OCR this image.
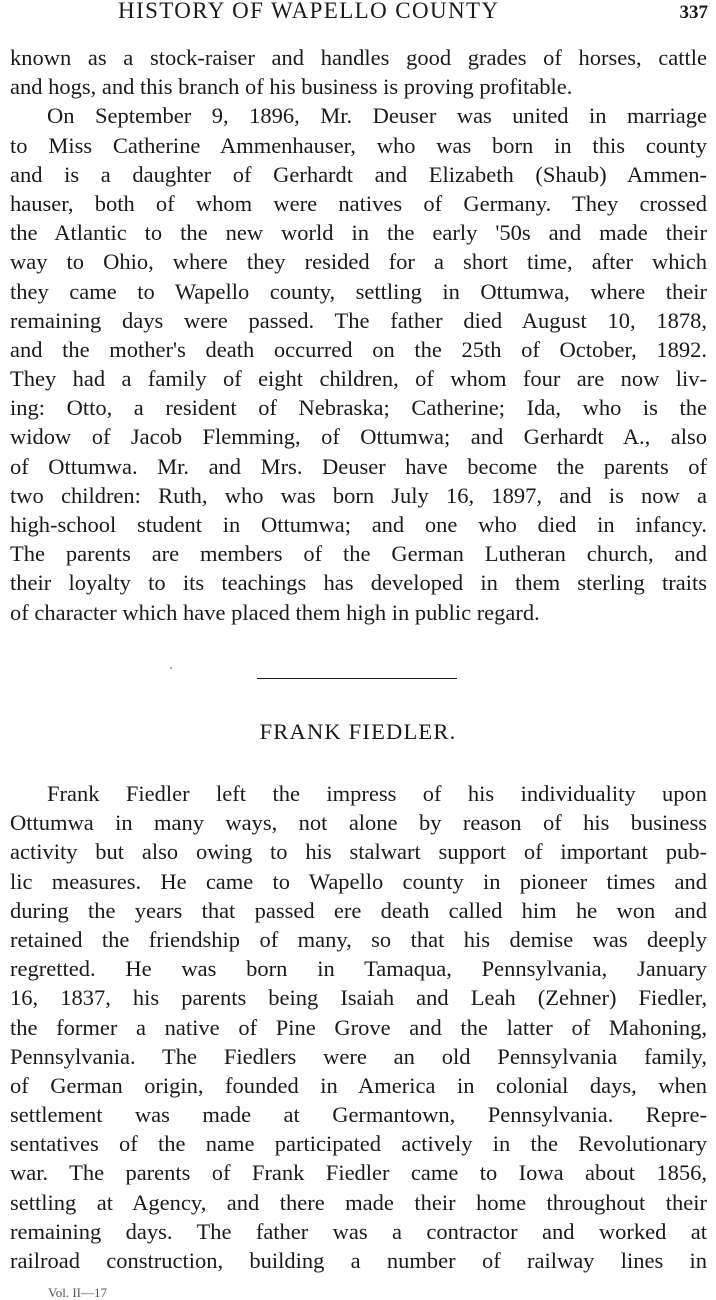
HISTORY OF WAPELLO COUNTY	337
known as a stock-raiser and handles good grades of horses, cattle
and hogs, and this branch of his business is proving profitable.
On September 9, 1896, Mr. Deuser was united in marriage
to Miss Catherine Ammenhauser, who was born in this county
and is a daughter of Gerhardt and Elizabeth (Shaub) Ammen-
hauser, both of whom were natives of Germany. They crossed
the Atlantic to the new world in the early '50s and made their
way to Ohio, where they resided for a short time, after which
they came to Wapello county, settling in Ottumwa, where their
remaining days were passed. The father died August 10, 1878,
and the mother's death occurred on the 25th of October, 1892.
They had a family of eight children, of whom four are now liv-
ing: Otto, a resident of Nebraska; Catherine; Ida, who is the
widow of Jacob Flemming, of Ottumwa; and Gerhardt A., also
of Ottumwa. Mr. and Mrs. Deuser have become the parents of
two children: Ruth, who was born July 16, 1897, and is now a
high-school student in Ottumwa; and one who died in infancy.
The parents are members of the German Lutheran church, and
their loyalty to its teachings has developed in them sterling traits
of character which have placed them high in public regard.
FRANK FIEDLER.
Frank Fiedler left the impress of his individuality upon
Ottumwa in many ways, not alone by reason of his business
activity but also owing to his stalwart support of important pub-
lic measures. He came to Wapello county in pioneer times and
during the years that passed ere death called him he won and
retained the friendship of many, so that his demise was deeply
regretted. He was born in Tamaqua, Pennsylvania, January
16, 1837, his parents being Isaiah and Leah (Zehner) Fiedler,
the former a native of Pine Grove and the latter of Mahoning,
Pennsylvania. The Fiedlers were an old Pennsylvania family,
of German origin, founded in America in colonial days, when
settlement was made at Germantown, Pennsylvania. Repre-
sentatives of the name participated actively in the Revolutionary
war. The parents of Frank Fiedler came to Iowa about 1856,
settling at Agency, and there made their home throughout their
remaining days. The father was a contractor and worked at
railroad construction, building a number of railway lines in
Vol. II—17
